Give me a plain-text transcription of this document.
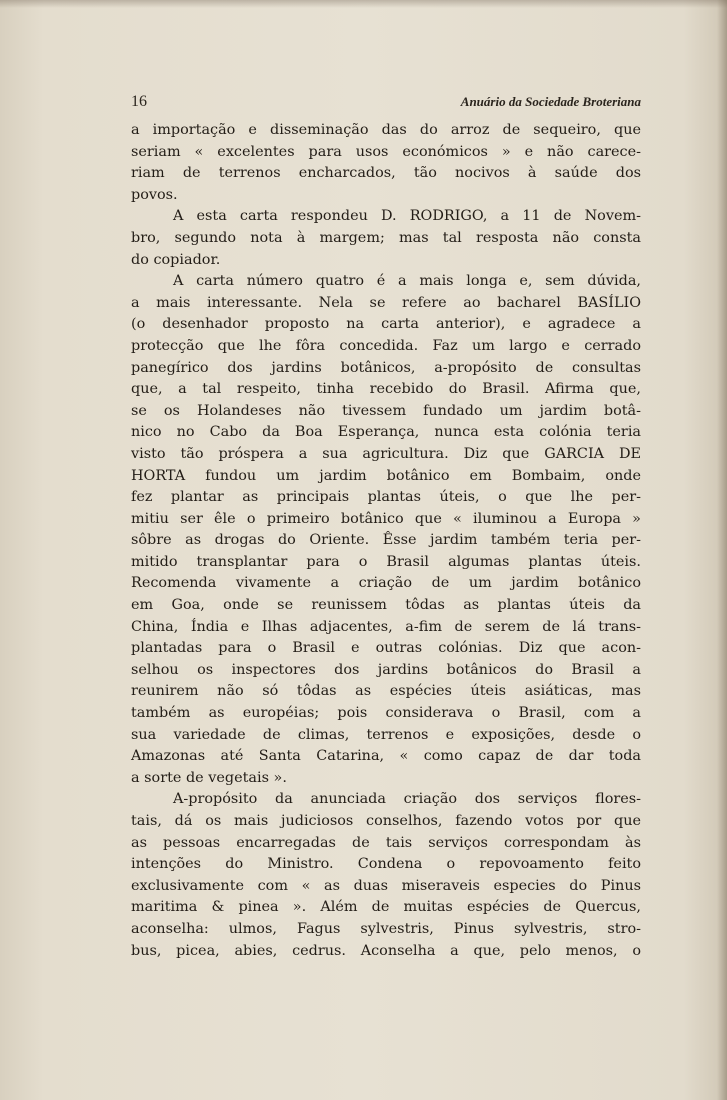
16	Anuário da Sociedade Broteriana
a importação e disseminação das do arroz de sequeiro, que
seriam « excelentes para usos económicos » e não carece-
riam de terrenos encharcados, tão nocivos à saúde dos
povos.
A esta carta respondeu D. RODRIGO, a 11 de Novem-
bro, segundo nota à margem; mas tal resposta não consta
do copiador.
A carta número quatro é a mais longa e, sem dúvida,
a mais interessante. Nela se refere ao bacharel BASÍLIO
(o desenhador proposto na carta anterior), e agradece a
protecção que lhe fôra concedida. Faz um largo e cerrado
panegírico dos jardins botânicos, a-propósito de consultas
que, a tal respeito, tinha recebido do Brasil. Afirma que,
se os Holandeses não tivessem fundado um jardim botâ-
nico no Cabo da Boa Esperança, nunca esta colónia teria
visto tão próspera a sua agricultura. Diz que GARCIA DE
HORTA fundou um jardim botânico em Bombaim, onde
fez plantar as principais plantas úteis, o que lhe per-
mitiu ser êle o primeiro botânico que « iluminou a Europa »
sôbre as drogas do Oriente. Êsse jardim também teria per-
mitido transplantar para o Brasil algumas plantas úteis.
Recomenda vivamente a criação de um jardim botânico
em Goa, onde se reunissem tôdas as plantas úteis da
China, Índia e Ilhas adjacentes, a-fim de serem de lá trans-
plantadas para o Brasil e outras colónias. Diz que acon-
selhou os inspectores dos jardins botânicos do Brasil a
reunirem não só tôdas as espécies úteis asiáticas, mas
também as européias; pois considerava o Brasil, com a
sua variedade de climas, terrenos e exposições, desde o
Amazonas até Santa Catarina, « como capaz de dar toda
a sorte de vegetais ».
A-propósito da anunciada criação dos serviços flores-
tais, dá os mais judiciosos conselhos, fazendo votos por que
as pessoas encarregadas de tais serviços correspondam às
intenções do Ministro. Condena o repovoamento feito
exclusivamente com « as duas miseraveis especies do Pinus
maritima & pinea ». Além de muitas espécies de Quercus,
aconselha: ulmos, Fagus sylvestris, Pinus sylvestris, stro-
bus, picea, abies, cedrus. Aconselha a que, pelo menos, o
